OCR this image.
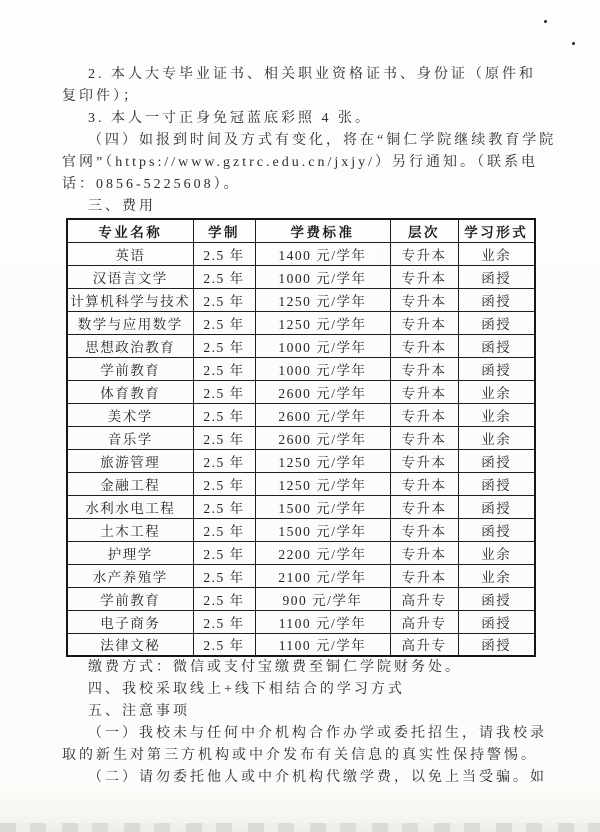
2. 本人大专毕业证书、相关职业资格证书、身份证（原件和

复印件）；

3. 本人一寸正身免冠蓝底彩照 4 张。

（四）如报到时间及方式有变化，将在“铜仁学院继续教育学院

官网”（https://www.gztrc.edu.cn/jxjy/）另行通知。（联系电

话：0856-5225608）。

三、费用

专业名称	学制	学费标准	层次	学习形式
英语	2.5 年	1400 元/学年	专升本	业余
汉语言文学	2.5 年	1000 元/学年	专升本	函授
计算机科学与技术	2.5 年	1250 元/学年	专升本	函授
数学与应用数学	2.5 年	1250 元/学年	专升本	函授
思想政治教育	2.5 年	1000 元/学年	专升本	函授
学前教育	2.5 年	1000 元/学年	专升本	函授
体育教育	2.5 年	2600 元/学年	专升本	业余
美术学	2.5 年	2600 元/学年	专升本	业余
音乐学	2.5 年	2600 元/学年	专升本	业余
旅游管理	2.5 年	1250 元/学年	专升本	函授
金融工程	2.5 年	1250 元/学年	专升本	函授
水利水电工程	2.5 年	1500 元/学年	专升本	函授
土木工程	2.5 年	1500 元/学年	专升本	函授
护理学	2.5 年	2200 元/学年	专升本	业余
水产养殖学	2.5 年	2100 元/学年	专升本	业余
学前教育	2.5 年	900 元/学年	高升专	函授
电子商务	2.5 年	1100 元/学年	高升专	函授
法律文秘	2.5 年	1100 元/学年	高升专	函授

缴费方式：微信或支付宝缴费至铜仁学院财务处。

四、我校采取线上+线下相结合的学习方式

五、注意事项

（一）我校未与任何中介机构合作办学或委托招生，请我校录

取的新生对第三方机构或中介发布有关信息的真实性保持警惕。

（二）请勿委托他人或中介机构代缴学费，以免上当受骗。如
